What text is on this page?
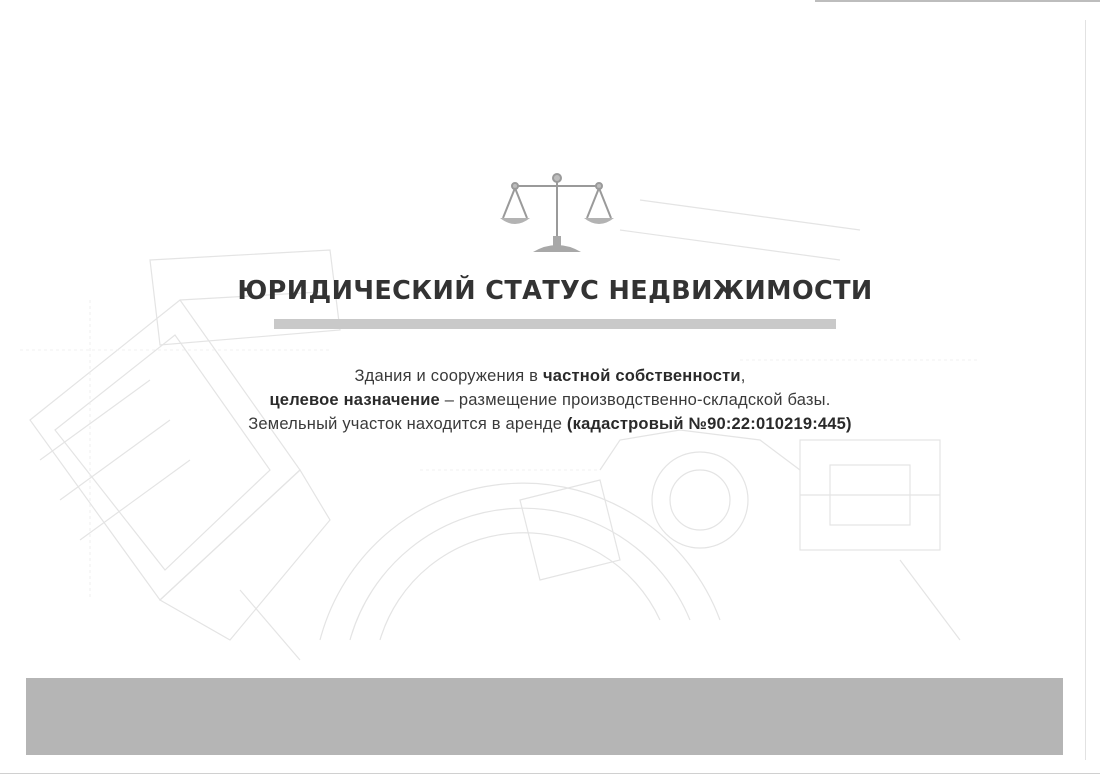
ЮРИДИЧЕСКИЙ СТАТУС НЕДВИЖИМОСТИ
Здания и сооружения в частной собственности,
целевое назначение – размещение производственно-складской базы.
Земельный участок находится в аренде (кадастровый №90:22:010219:445)
